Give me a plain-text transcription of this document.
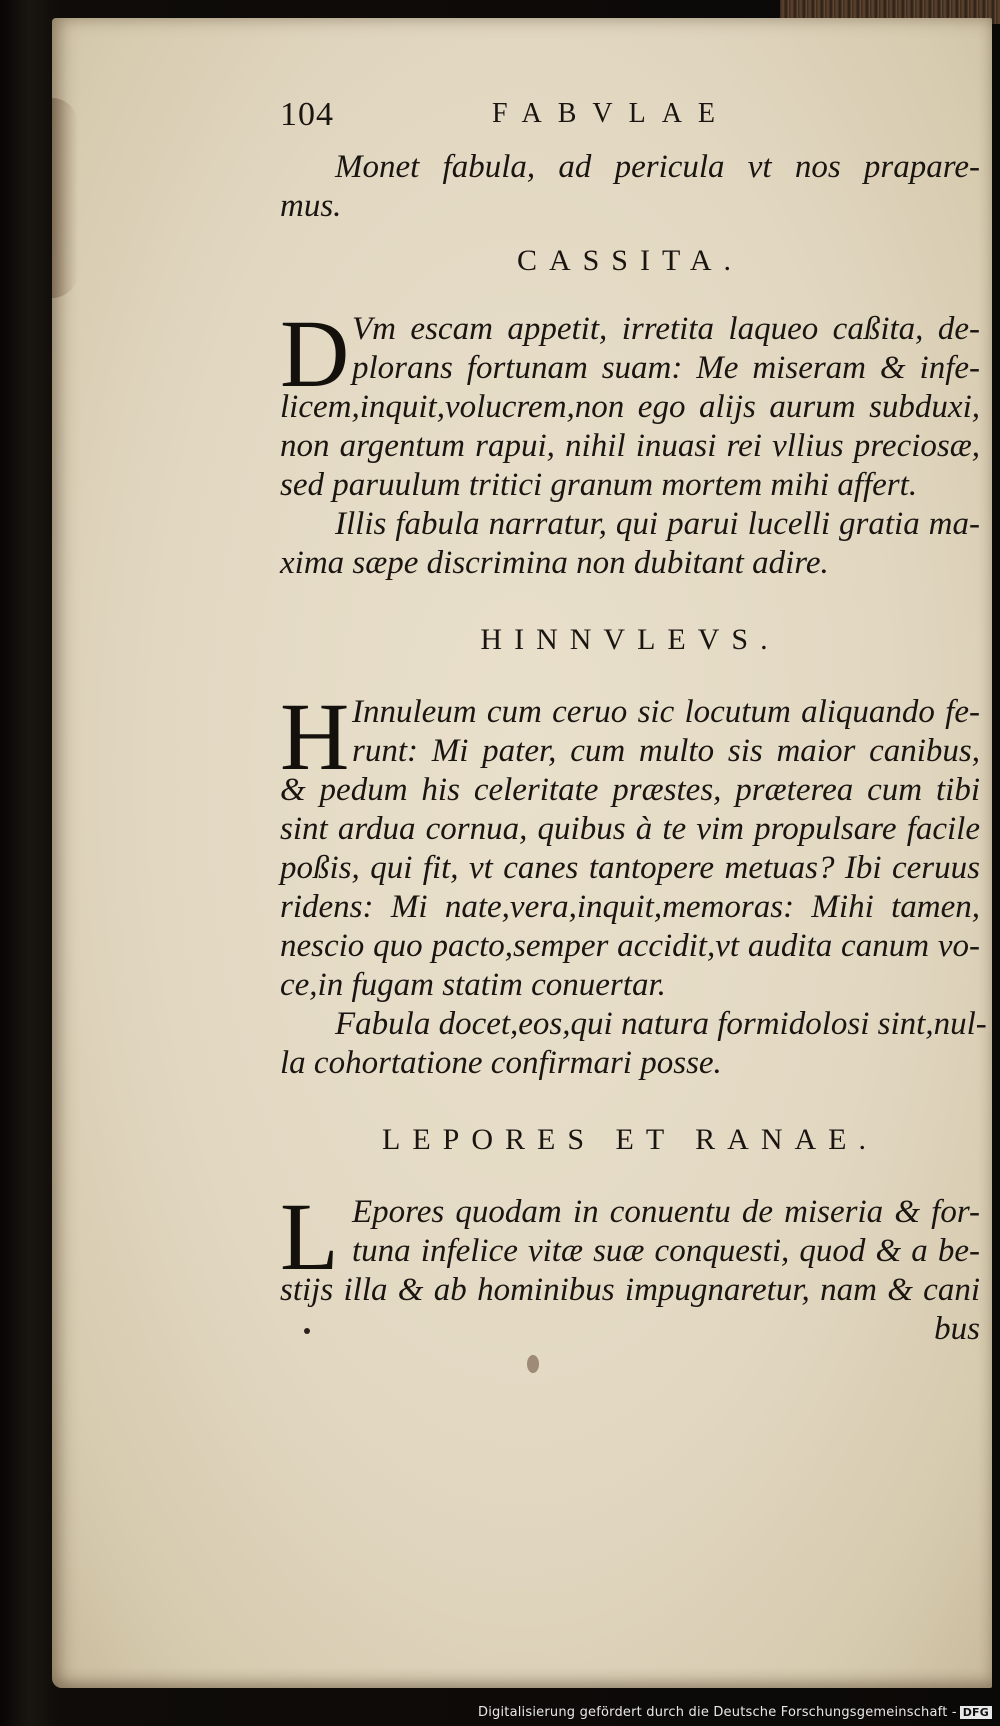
104	FABVLAE
Monet fabula, ad pericula vt nos prapare-
mus.
CASSITA.
D Vm escam appetit, irretita laqueo caßita, de-
plorans fortunam suam: Me miseram & infe-
licem,inquit,volucrem,non ego alijs aurum subduxi,
non argentum rapui, nihil inuasi rei vllius preciosæ,
sed paruulum tritici granum mortem mihi affert.
Illis fabula narratur, qui parui lucelli gratia ma-
xima sæpe discrimina non dubitant adire.
HINNVLEVS.
H Innuleum cum ceruo sic locutum aliquando fe-
runt: Mi pater, cum multo sis maior canibus,
& pedum his celeritate præstes, præterea cum tibi
sint ardua cornua, quibus à te vim propulsare facile
poßis, qui fit, vt canes tantopere metuas? Ibi ceruus
ridens: Mi nate,vera,inquit,memoras: Mihi tamen,
nescio quo pacto,semper accidit,vt audita canum vo-
ce,in fugam statim conuertar.
Fabula docet,eos,qui natura formidolosi sint,nul-
la cohortatione confirmari posse.
LEPORES ET RANAE.
L Epores quodam in conuentu de miseria & for-
tuna infelice vitæ suæ conquesti, quod & a be-
stijs illa & ab hominibus impugnaretur, nam & cani
bus
Digitalisierung gefördert durch die Deutsche Forschungsgemeinschaft - DFG
